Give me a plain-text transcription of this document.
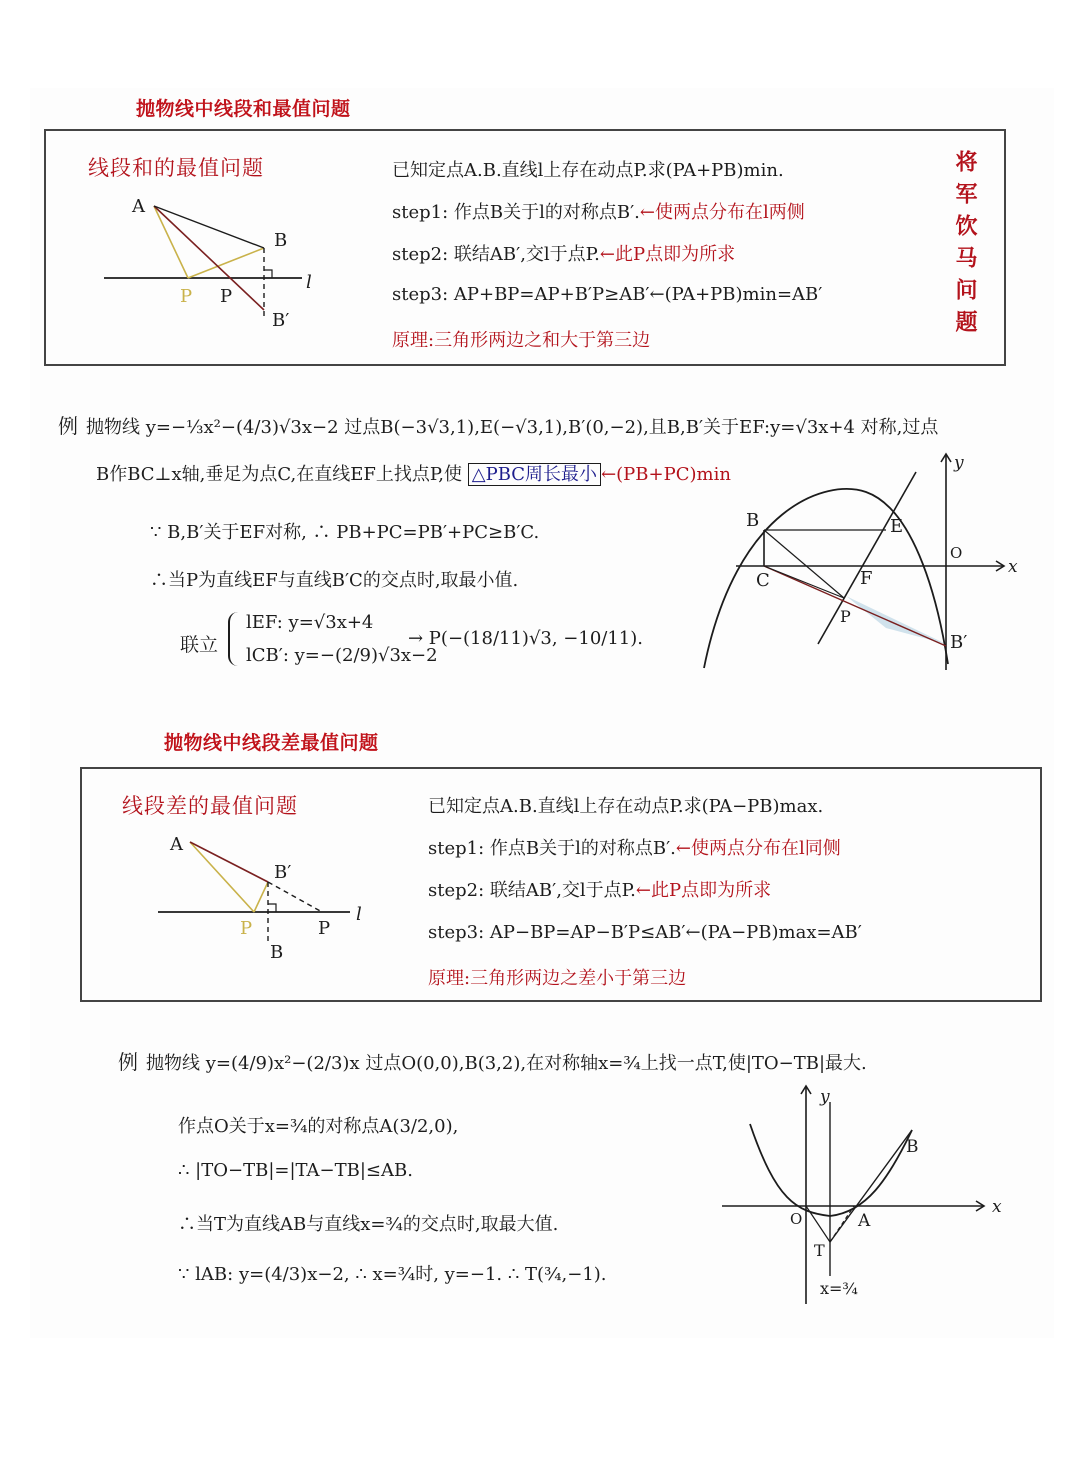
抛物线中线段和最值问题
线段和的最值问题
A
B
B′
P P
l
已知定点A.B.直线l上存在动点P.求(PA+PB)min.
step1: 作点B关于l的对称点B′.←使两点分布在l两侧
step2: 联结AB′,交l于点P.←此P点即为所求
step3: AP+BP=AP+B′P≥AB′←(PA+PB)min=AB′
原理:三角形两边之和大于第三边	将军饮马问题
例 抛物线 y=−⅓x²−(4/3)√3x−2 过点B(−3√3,1),E(−√3,1),B′(0,−2),且B,B′关于EF:y=√3x+4 对称,过点
B作BC⊥x轴,垂足为点C,在直线EF上找点P,使 △PBC周长最小 ←(PB+PC)min
∵ B,B′关于EF对称, ∴ PB+PC=PB′+PC≥B′C.
∴当P为直线EF与直线B′C的交点时,取最小值.
联立
lEF: y=√3x+4
lCB′: y=−(2/9)√3x−2
→ P(−(18/11)√3, −10/11).
B	E
C	F
P
O
B′
x
y
抛物线中线段差最值问题
线段差的最值问题
A
B′
B
P	P
l
已知定点A.B.直线l上存在动点P.求(PA−PB)max.
step1: 作点B关于l的对称点B′.←使两点分布在l同侧
step2: 联结AB′,交l于点P.←此P点即为所求
step3: AP−BP=AP−B′P≤AB′←(PA−PB)max=AB′
原理:三角形两边之差小于第三边
例 抛物线 y=(4/9)x²−(2/3)x 过点O(0,0),B(3,2),在对称轴x=¾上找一点T,使|TO−TB|最大.
作点O关于x=¾的对称点A(3/2,0),
∴ |TO−TB|=|TA−TB|≤AB.
∴当T为直线AB与直线x=¾的交点时,取最大值.
∵ lAB: y=(4/3)x−2, ∴ x=¾时, y=−1. ∴ T(¾,−1).
y
x
O	A
B
T
x=¾
